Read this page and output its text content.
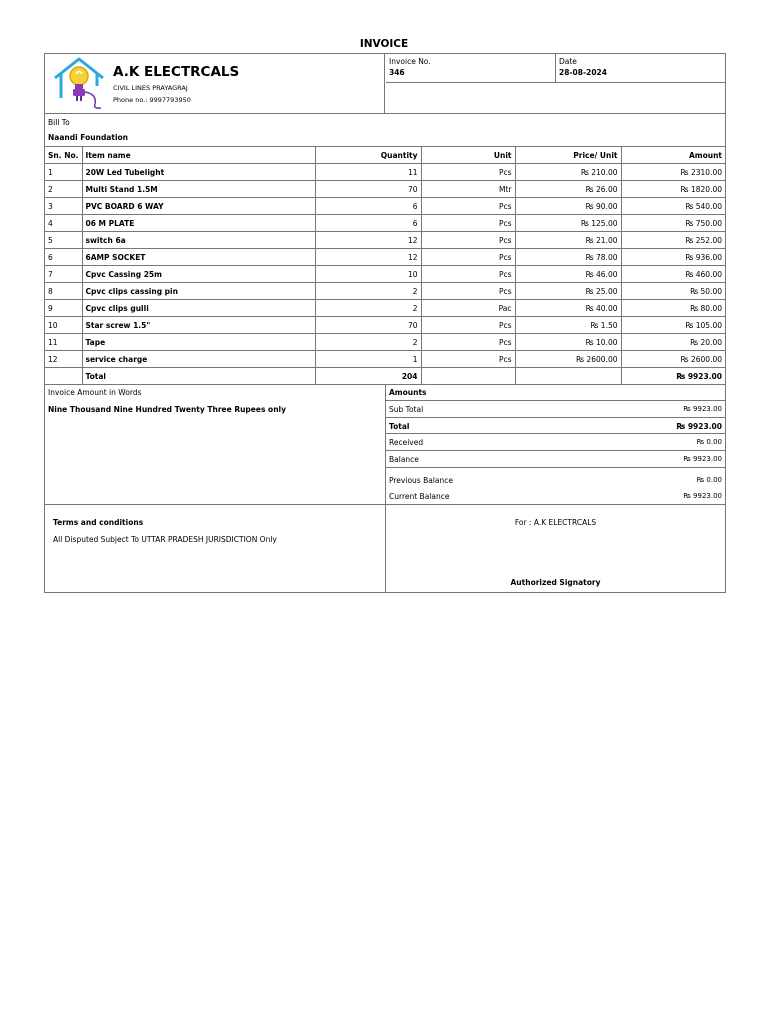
INVOICE
A.K ELECTRCALS
CIVIL LINES PRAYAGRAJ
Phone no.: 9997793950
Invoice No.
346
Date
28-08-2024
Bill To
Naandi Foundation
Sn. No.	Item name	Quantity	Unit	Price/ Unit	Amount
1	20W Led Tubelight	11	Pcs	₨ 210.00	₨ 2310.00
2	Multi Stand 1.5M	70	Mtr	₨ 26.00	₨ 1820.00
3	PVC BOARD 6 WAY	6	Pcs	₨ 90.00	₨ 540.00
4	06 M PLATE	6	Pcs	₨ 125.00	₨ 750.00
5	switch 6a	12	Pcs	₨ 21.00	₨ 252.00
6	6AMP SOCKET	12	Pcs	₨ 78.00	₨ 936.00
7	Cpvc Cassing 25m	10	Pcs	₨ 46.00	₨ 460.00
8	Cpvc clips cassing pin	2	Pcs	₨ 25.00	₨ 50.00
9	Cpvc clips gulli	2	Pac	₨ 40.00	₨ 80.00
10	Star screw 1.5"	70	Pcs	₨ 1.50	₨ 105.00
11	Tape	2	Pcs	₨ 10.00	₨ 20.00
12	service charge	1	Pcs	₨ 2600.00	₨ 2600.00
	Total	204			₨ 9923.00
Invoice Amount in Words
Nine Thousand Nine Hundred Twenty Three Rupees only
Amounts
Sub Total	₨ 9923.00
Total	₨ 9923.00
Received	₨ 0.00
Balance	₨ 9923.00
Previous Balance	₨ 0.00
Current Balance	₨ 9923.00
Terms and conditions
All Disputed Subject To UTTAR PRADESH JURISDICTION Only
For : A.K ELECTRCALS
Authorized Signatory
